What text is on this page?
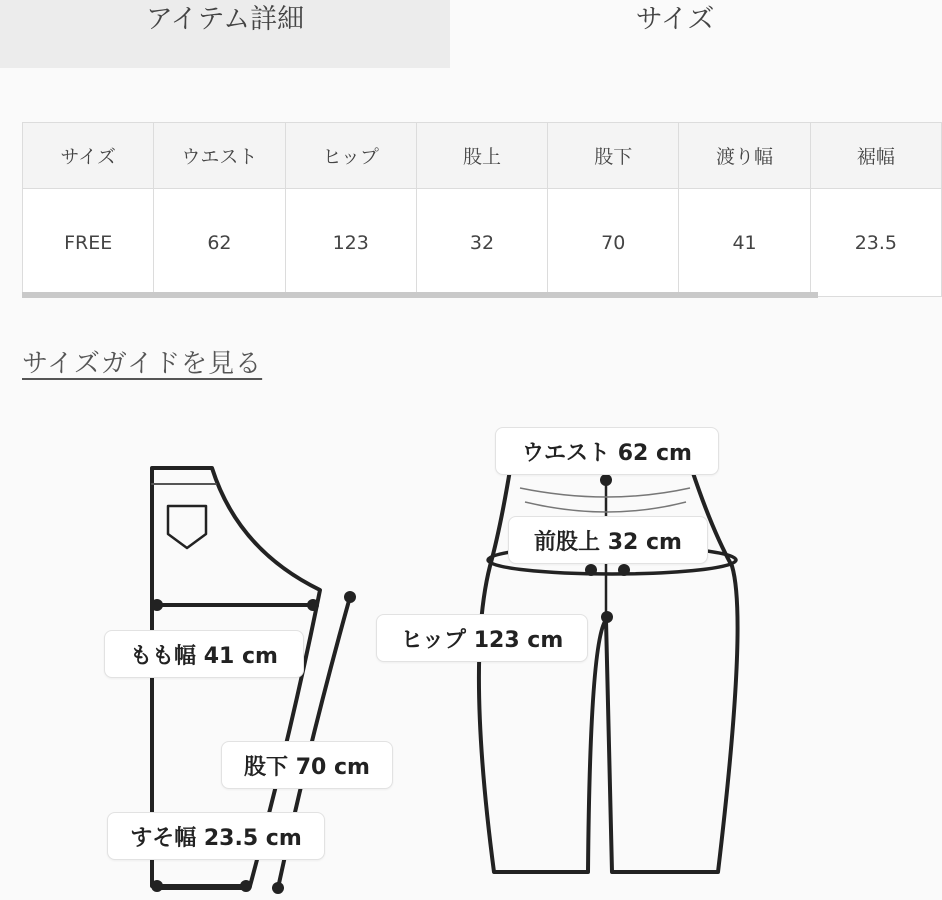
アイテム詳細	サイズ
サイズ	ウエスト	ヒップ	股上	股下	渡り幅	裾幅
FREE	62	123	32	70	41	23.5
サイズガイドを見る
もも幅 41 cm
股下 70 cm
すそ幅 23.5 cm
ウエスト 62 cm
前股上 32 cm
ヒップ 123 cm
